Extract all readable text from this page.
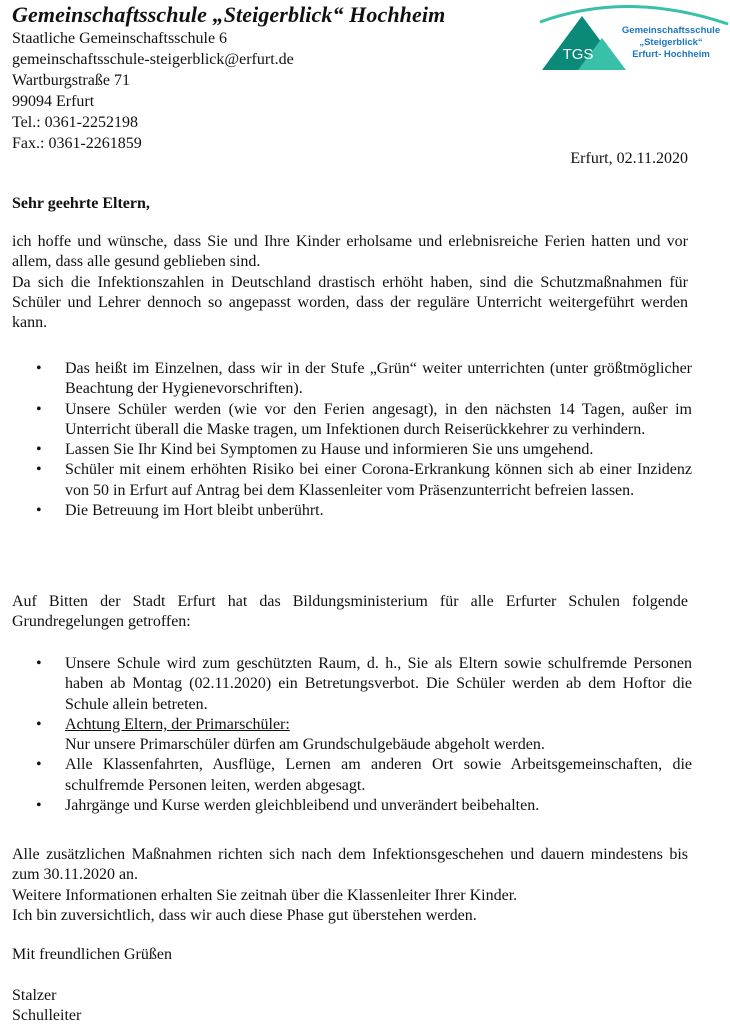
Gemeinschaftsschule „Steigerblick“ Hochheim
Staatliche Gemeinschaftsschule 6
gemeinschaftsschule-steigerblick@erfurt.de
Wartburgstraße 71
99094 Erfurt
Tel.: 0361-2252198
Fax.: 0361-2261859
TGS
Gemeinschaftsschule
„Steigerblick“
Erfurt- Hochheim
Erfurt, 02.11.2020
Sehr geehrte Eltern,

ich hoffe und wünsche, dass Sie und Ihre Kinder erholsame und erlebnisreiche Ferien hatten und vor allem, dass alle gesund geblieben sind.

Da sich die Infektionszahlen in Deutschland drastisch erhöht haben, sind die Schutzmaßnahmen für Schüler und Lehrer dennoch so angepasst worden, dass der reguläre Unterricht weitergeführt werden kann.

• Das heißt im Einzelnen, dass wir in der Stufe „Grün“ weiter unterrichten (unter größtmöglicher Beachtung der Hygienevorschriften).
• Unsere Schüler werden (wie vor den Ferien angesagt), in den nächsten 14 Tagen, außer im Unterricht überall die Maske tragen, um Infektionen durch Reiserückkehrer zu verhindern.
• Lassen Sie Ihr Kind bei Symptomen zu Hause und informieren Sie uns umgehend.
• Schüler mit einem erhöhten Risiko bei einer Corona-Erkrankung können sich ab einer Inzidenz von 50 in Erfurt auf Antrag bei dem Klassenleiter vom Präsenzunterricht befreien lassen.
• Die Betreuung im Hort bleibt unberührt.

Auf Bitten der Stadt Erfurt hat das Bildungsministerium für alle Erfurter Schulen folgende Grundregelungen getroffen:

• Unsere Schule wird zum geschützten Raum, d. h., Sie als Eltern sowie schulfremde Personen haben ab Montag (02.11.2020) ein Betretungsverbot. Die Schüler werden ab dem Hoftor die Schule allein betreten.
• Achtung Eltern, der Primarschüler:
Nur unsere Primarschüler dürfen am Grundschulgebäude abgeholt werden.
• Alle Klassenfahrten, Ausflüge, Lernen am anderen Ort sowie Arbeitsgemeinschaften, die schulfremde Personen leiten, werden abgesagt.
• Jahrgänge und Kurse werden gleichbleibend und unverändert beibehalten.

Alle zusätzlichen Maßnahmen richten sich nach dem Infektionsgeschehen und dauern mindestens bis zum 30.11.2020 an.

Weitere Informationen erhalten Sie zeitnah über die Klassenleiter Ihrer Kinder.

Ich bin zuversichtlich, dass wir auch diese Phase gut überstehen werden.

Mit freundlichen Grüßen
Stalzer
Schulleiter
